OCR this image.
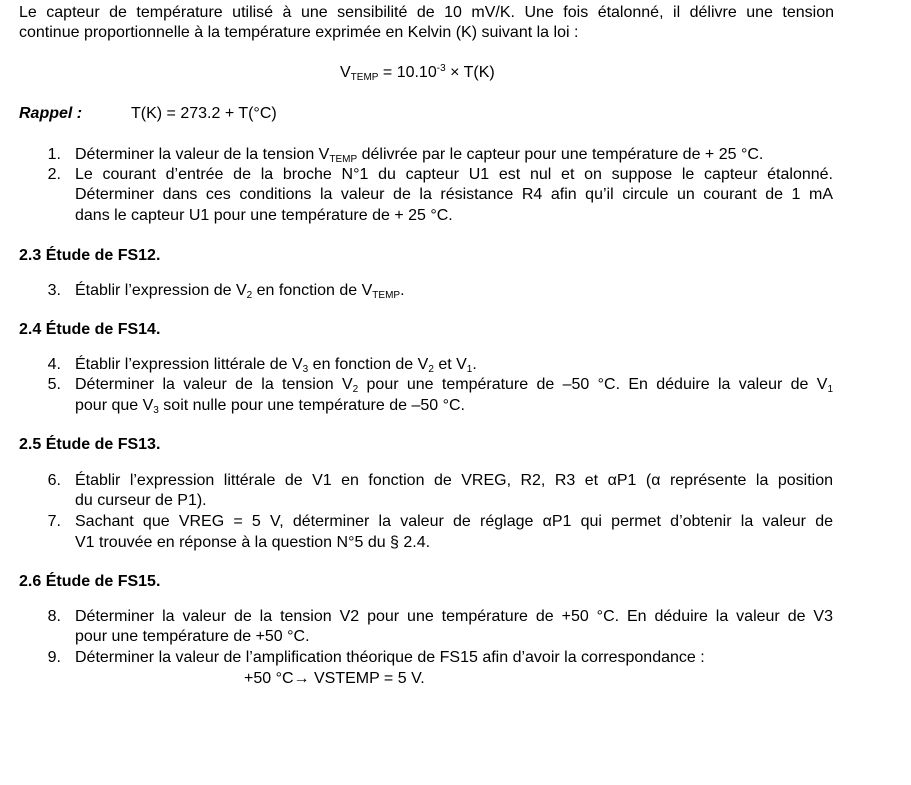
Le capteur de température utilisé à une sensibilité de 10 mV/K. Une fois étalonné, il délivre une tension
continue proportionnelle à la température exprimée en Kelvin (K) suivant la loi :
$V_{TEMP} = 10.10^{-3} \times T(K)$
Rappel :	T(K) = 273.2 + T(°C)
1. Déterminer la valeur de la tension $V_{TEMP}$ délivrée par le capteur pour une température de + 25 °C.
2. Le courant d’entrée de la broche N°1 du capteur U1 est nul et on suppose le capteur étalonné.
Déterminer dans ces conditions la valeur de la résistance R4 afin qu’il circule un courant de 1 mA
dans le capteur U1 pour une température de + 25 °C.
2.3 Étude de FS12.
3. Établir l’expression de $V_2$ en fonction de $V_{TEMP}$.
2.4 Étude de FS14.
4. Établir l’expression littérale de $V_3$ en fonction de $V_2$ et $V_1$.
5. Déterminer la valeur de la tension $V_2$ pour une température de –50 °C. En déduire la valeur de $V_1$
pour que $V_3$ soit nulle pour une température de –50 °C.
2.5 Étude de FS13.
6. Établir l’expression littérale de V1 en fonction de VREG, R2, R3 et αP1 (α représente la position
du curseur de P1).
7. Sachant que VREG = 5 V, déterminer la valeur de réglage αP1 qui permet d’obtenir la valeur de
V1 trouvée en réponse à la question N°5 du § 2.4.
2.6 Étude de FS15.
8. Déterminer la valeur de la tension V2 pour une température de +50 °C. En déduire la valeur de V3
pour une température de +50 °C.
9. Déterminer la valeur de l’amplification théorique de FS15 afin d’avoir la correspondance :
+50 °C→ VSTEMP = 5 V.
